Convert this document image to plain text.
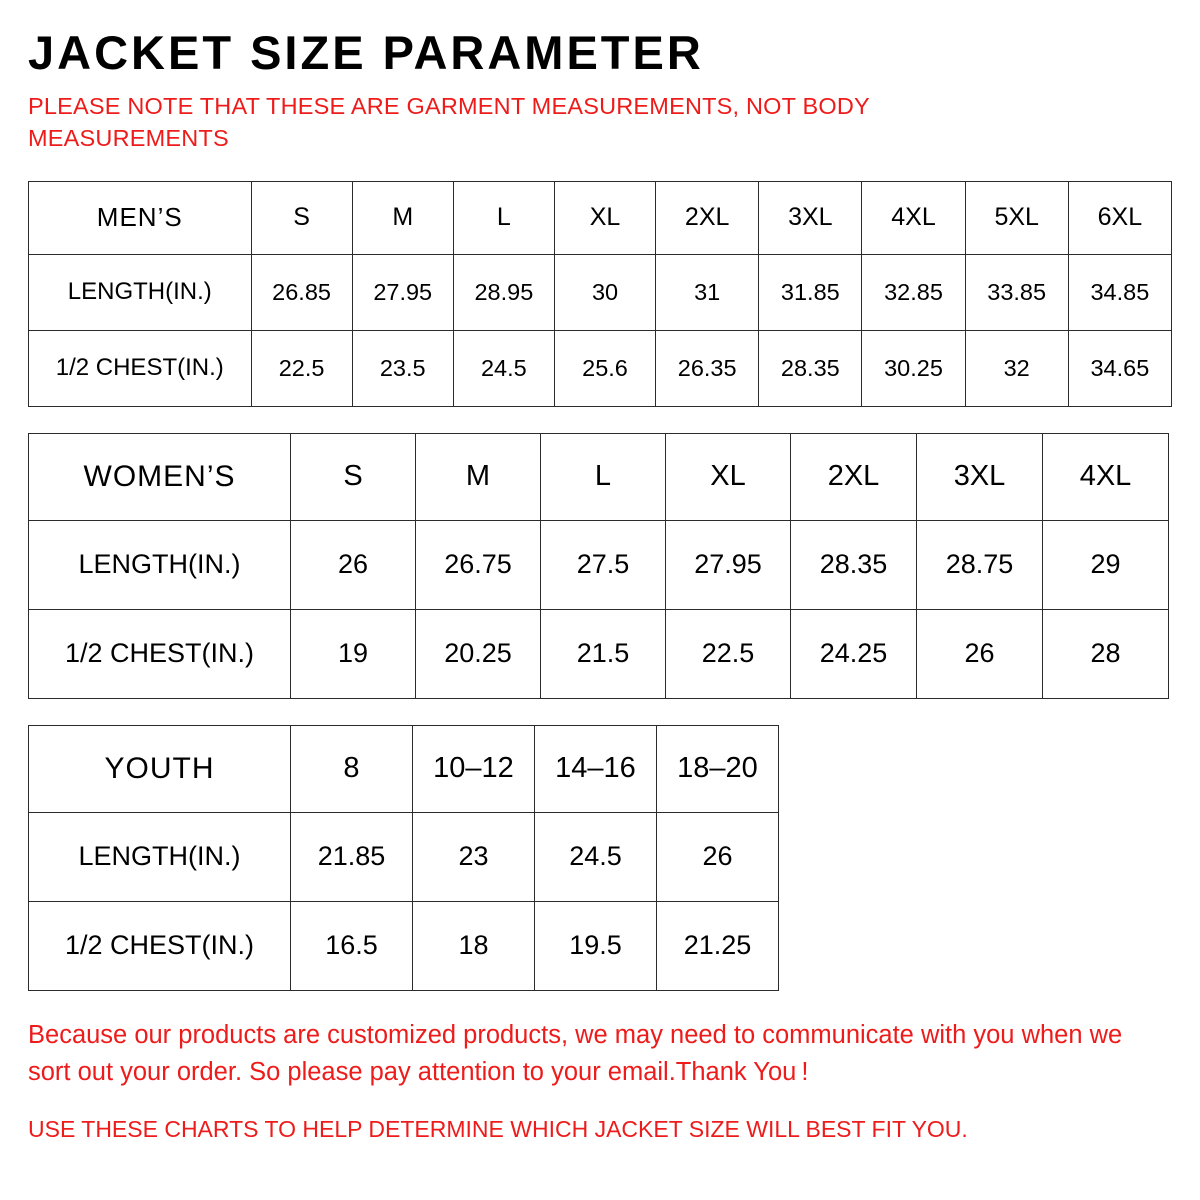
JACKET SIZE PARAMETER

PLEASE NOTE THAT THESE ARE GARMENT MEASUREMENTS, NOT BODY MEASUREMENTS

MEN’S	S	M	L	XL	2XL	3XL	4XL	5XL	6XL
LENGTH(IN.)	26.85	27.95	28.95	30	31	31.85	32.85	33.85	34.85
1/2 CHEST(IN.)	22.5	23.5	24.5	25.6	26.35	28.35	30.25	32	34.65
WOMEN’S	S	M	L	XL	2XL	3XL	4XL
LENGTH(IN.)	26	26.75	27.5	27.95	28.35	28.75	29
1/2 CHEST(IN.)	19	20.25	21.5	22.5	24.25	26	28
YOUTH	8	10–12	14–16	18–20
LENGTH(IN.)	21.85	23	24.5	26
1/2 CHEST(IN.)	16.5	18	19.5	21.25

Because our products are customized products, we may need to communicate with you when we sort out your order. So please pay attention to your email.Thank You !

USE THESE CHARTS TO HELP DETERMINE WHICH JACKET SIZE WILL BEST FIT YOU.
